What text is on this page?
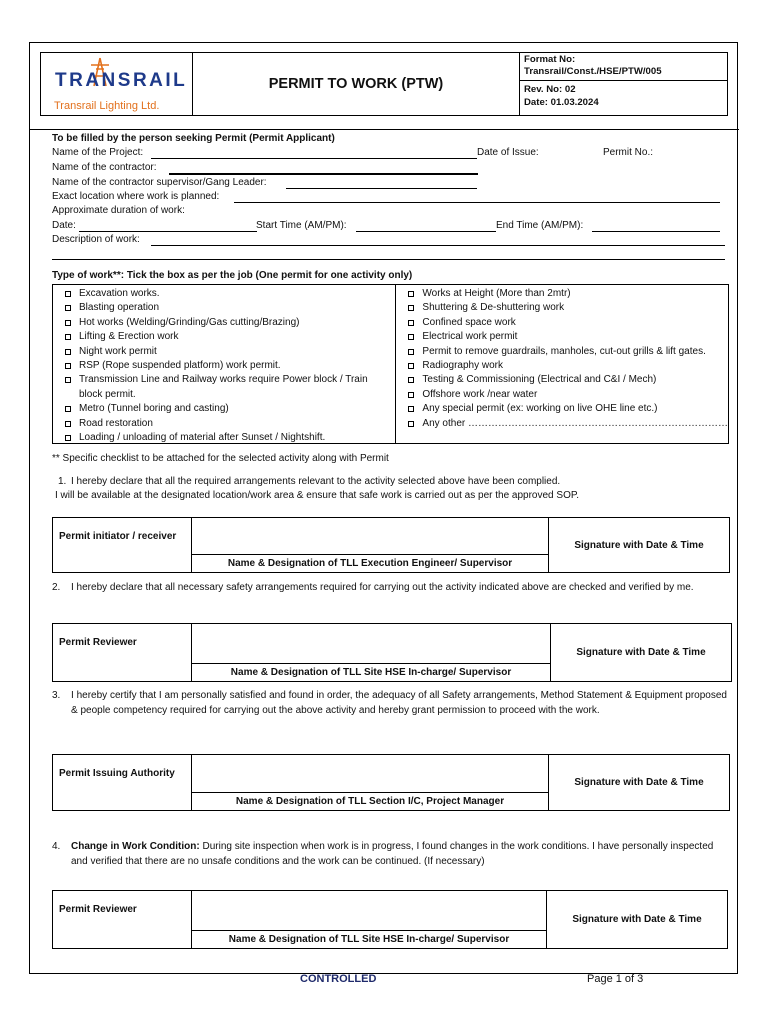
TRANSRAIL
Transrail Lighting Ltd.
PERMIT TO WORK (PTW)
Format No:
Transrail/Const./HSE/PTW/005
Rev. No: 02
Date: 01.03.2024
To be filled by the person seeking Permit (Permit Applicant)
Name of the Project:	Date of Issue:	Permit No.:
Name of the contractor:
Name of the contractor supervisor/Gang Leader:
Exact location where work is planned:
Approximate duration of work:
Date:	Start Time (AM/PM):	End Time (AM/PM):
Description of work:
Type of work**: Tick the box as per the job (One permit for one activity only)
Excavation works.
Blasting operation
Hot works (Welding/Grinding/Gas cutting/Brazing)
Lifting & Erection work
Night work permit
RSP (Rope suspended platform) work permit.
Transmission Line and Railway works require Power block / Train block permit.
Metro (Tunnel boring and casting)
Road restoration
Loading / unloading of material after Sunset / Nightshift.
Works at Height (More than 2mtr)
Shuttering & De-shuttering work
Confined space work
Electrical work permit
Permit to remove guardrails, manholes, cut-out grills & lift gates.
Radiography work
Testing & Commissioning (Electrical and C&I / Mech)
Offshore work /near water
Any special permit (ex: working on live OHE line etc.)
Any other ……………………………………………………………………
** Specific checklist to be attached for the selected activity along with Permit
1. I hereby declare that all the required arrangements relevant to the activity selected above have been complied.
I will be available at the designated location/work area & ensure that safe work is carried out as per the approved SOP.
Permit initiator / receiver
Name & Designation of TLL Execution Engineer/ Supervisor
Signature with Date & Time
2. I hereby declare that all necessary safety arrangements required for carrying out the activity indicated above are checked and verified by me.
Permit Reviewer
Name & Designation of TLL Site HSE In-charge/ Supervisor
Signature with Date & Time
3. I hereby certify that I am personally satisfied and found in order, the adequacy of all Safety arrangements, Method Statement & Equipment proposed & people competency required for carrying out the above activity and hereby grant permission to proceed with the work.
Permit Issuing Authority
Name & Designation of TLL Section I/C, Project Manager
Signature with Date & Time
4. Change in Work Condition: During site inspection when work is in progress, I found changes in the work conditions. I have personally inspected and verified that there are no unsafe conditions and the work can be continued. (If necessary)
Permit Reviewer
Name & Designation of TLL Site HSE In-charge/ Supervisor
Signature with Date & Time
CONTROLLED	Page 1 of 3
